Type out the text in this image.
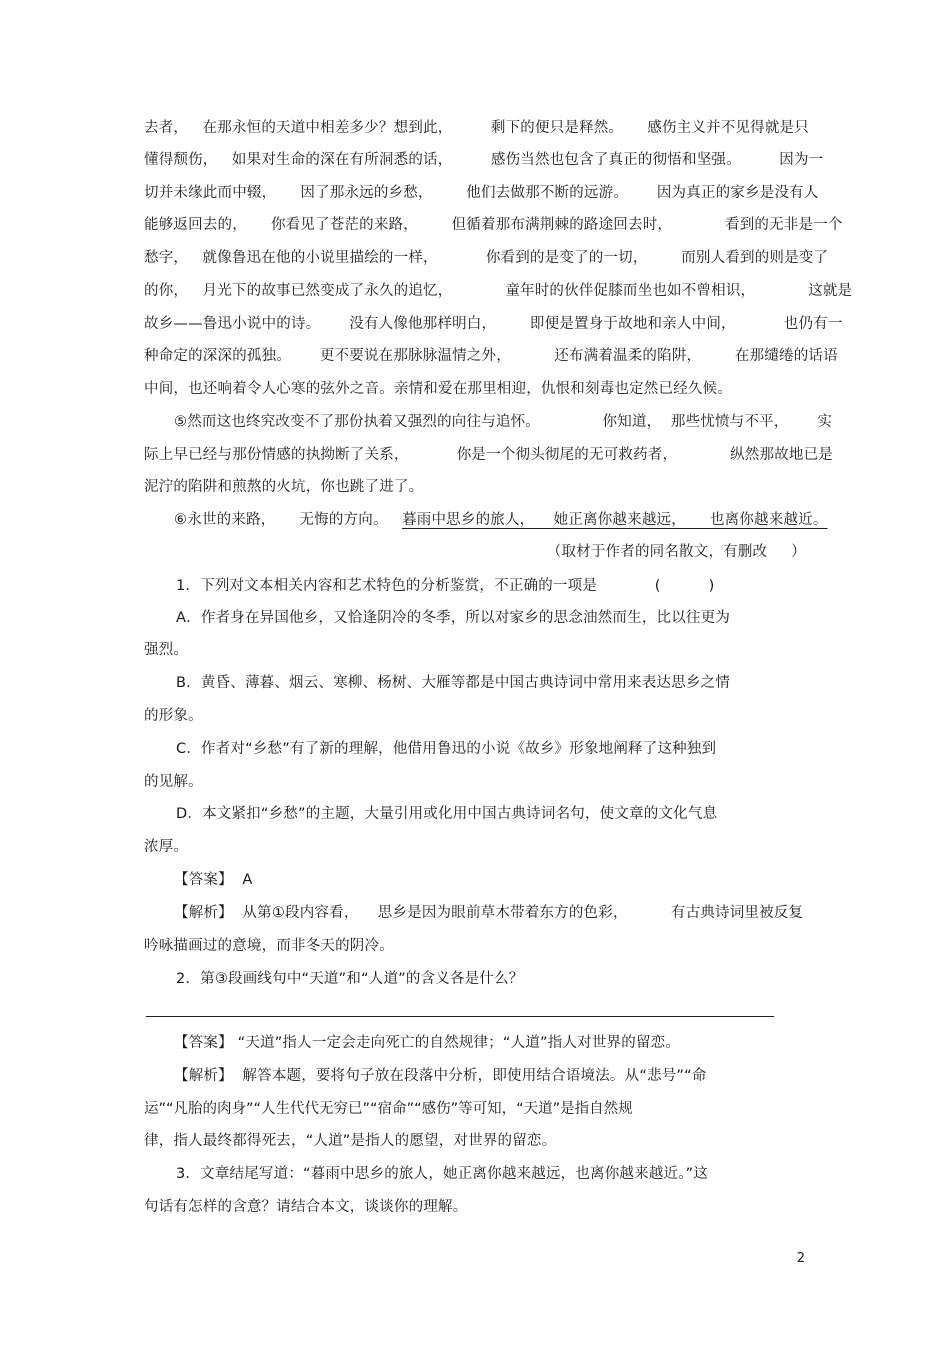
去者，   在那永恒的天道中相差多少？想到此，        剩下的便只是释然。     感伤主义并不见得就是只
懂得颓伤，   如果对生命的深在有所洞悉的话，        感伤当然也包含了真正的彻悟和坚强。        因为一
切并未缘此而中辍，     因了那永远的乡愁，       他们去做那不断的远游。      因为真正的家乡是没有人
能够返回去的，     你看见了苍茫的来路，       但循着那布满荆棘的路途回去时，           看到的无非是一个
愁字，   就像鲁迅在他的小说里描绘的一样，          你看到的是变了的一切，       而别人看到的则是变了
的你，   月光下的故事已然变成了永久的追忆，           童年时的伙伴促膝而坐也如不曾相识，           这就是
故乡——鲁迅小说中的诗。      没有人像他那样明白，       即便是置身于故地和亲人中间，          也仍有一
种命定的深深的孤独。      更不要说在那脉脉温情之外，         还布满着温柔的陷阱，       在那缱绻的话语
中间，也还响着令人心寒的弦外之音。亲情和爱在那里相迎，仇恨和刻毒也定然已经久候。
⑤然而这也终究改变不了那份执着又强烈的向往与追怀。             你知道，  那些忧愤与不平，      实
际上早已经与那份情感的执拗断了关系，          你是一个彻头彻尾的无可救药者，           纵然那故地已是
泥泞的陷阱和煎熬的火坑，你也跳了进了。
⑥永世的来路，     无悔的方向。   暮雨中思乡的旅人，    她正离你越来越远，     也离你越来越近。
（取材于作者的同名散文，有删改     ）
1．下列对文本相关内容和艺术特色的分析鉴赏，不正确的一项是            (          )
A．作者身在异国他乡，又恰逢阴冷的冬季，所以对家乡的思念油然而生，比以往更为
强烈。
B．黄昏、薄暮、烟云、寒柳、杨树、大雁等都是中国古典诗词中常用来表达思乡之情
的形象。
C．作者对“乡愁”有了新的理解，他借用鲁迅的小说《故乡》形象地阐释了这种独到
的见解。
D．本文紧扣“乡愁”的主题，大量引用或化用中国古典诗词名句，使文章的文化气息
浓厚。
【答案】  A
【解析】  从第①段内容看，    思乡是因为眼前草木带着东方的色彩，         有古典诗词里被反复
吟咏描画过的意境，而非冬天的阴冷。
2．第③段画线句中“天道”和“人道”的含义各是什么？
【答案】 “天道”指人一定会走向死亡的自然规律；“人道”指人对世界的留恋。
【解析】  解答本题，要将句子放在段落中分析，即使用结合语境法。从“悲号”“命
运”“凡胎的肉身”“人生代代无穷已”“宿命”“感伤”等可知，“天道”是指自然规
律，指人最终都得死去，“人道”是指人的愿望，对世界的留恋。
3．文章结尾写道：“暮雨中思乡的旅人，她正离你越来越远，也离你越来越近。”这
句话有怎样的含意？请结合本文，谈谈你的理解。
2
